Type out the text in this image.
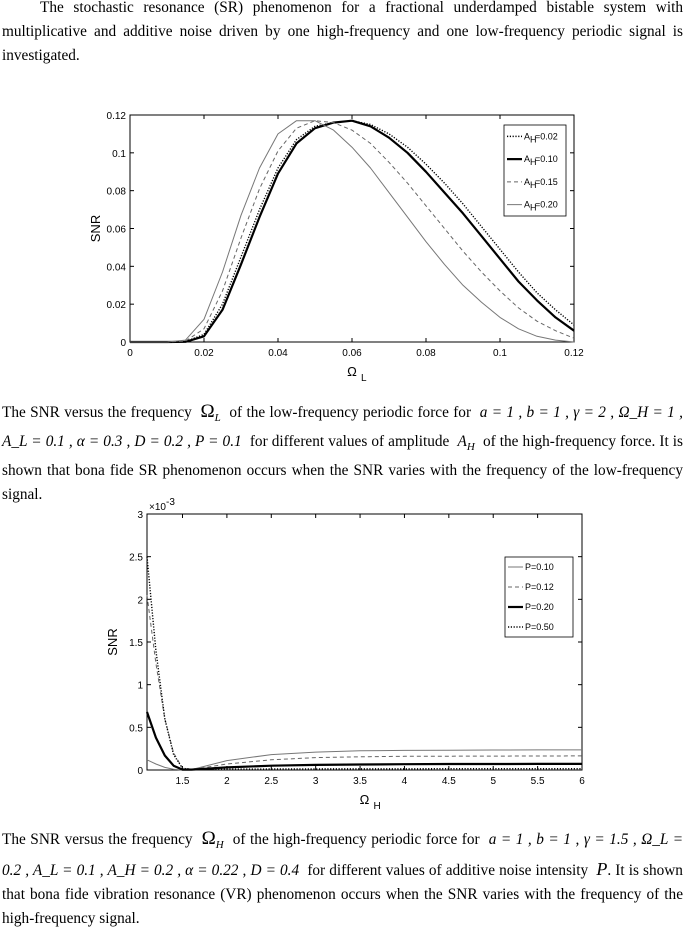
The stochastic resonance (SR) phenomenon for a fractional underdamped bistable system with multiplicative and additive noise driven by one high-frequency and one low-frequency periodic signal is investigated.

0
0.02
0.04
0.06
0.08
0.1
0.12
0	0.02	0.04	0.06	0.08	0.1	0.12
Ω L
SNR
A H
=0.02
A H
=0.10
A H
=0.15
A H
=0.20
The SNR versus the frequency $\Omega_L$ of the low-frequency periodic force for a = 1 , b = 1 , γ = 2 , Ω_H = 1 , A_L = 0.1 , α = 0.3 , D = 0.2 , P = 0.1 for different values of amplitude $A_H$ of the high-frequency force. It is shown that bona fide SR phenomenon occurs when the SNR varies with the frequency of the low-frequency signal.
0
0.5
1
1.5
2
2.5
3
1.5	2	2.5	3	3.5	4	4.5	5	5.5	6
Ω H
SNR
×10 -3
P=0.10
P=0.12
P=0.20
P=0.50
The SNR versus the frequency $\Omega_H$ of the high-frequency periodic force for a = 1 , b = 1 , γ = 1.5 , Ω_L = 0.2 , A_L = 0.1 , A_H = 0.2 , α = 0.22 , D = 0.4 for different values of additive noise intensity P. It is shown that bona fide vibration resonance (VR) phenomenon occurs when the SNR varies with the frequency of the high-frequency signal.
